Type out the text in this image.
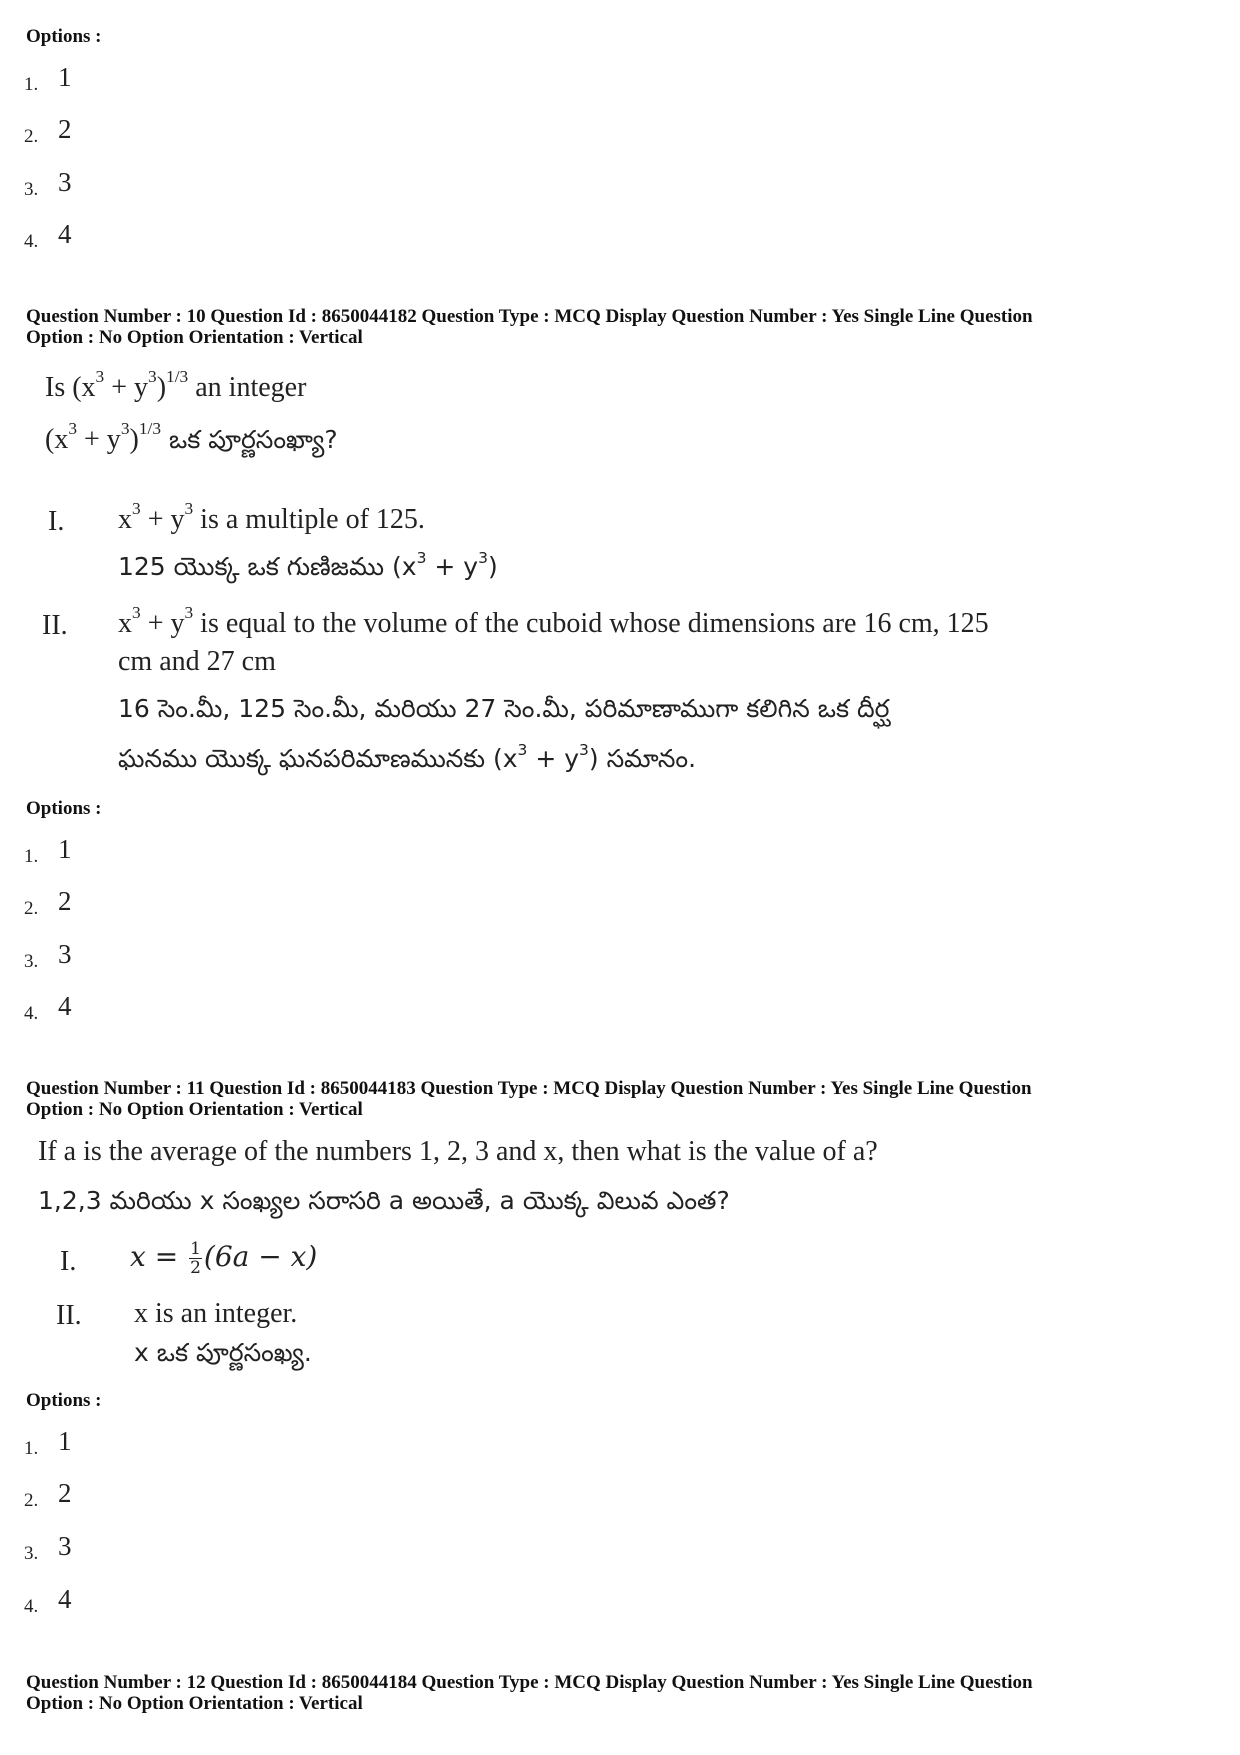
Options :
1. 1
2. 2
3. 3
4. 4
Question Number : 10 Question Id : 8650044182 Question Type : MCQ Display Question Number : Yes Single Line Question
Option : No Option Orientation : Vertical
Is $(x^3 + y^3)^{1/3}$ an integer
$(x^3 + y^3)^{1/3}$ ఒక పూర్ణసంఖ్యా?
I. $x^3 + y^3$ is a multiple of 125.
125 యొక్క ఒక గుణిజము $(x^3 + y^3)$
II. $x^3 + y^3$ is equal to the volume of the cuboid whose dimensions are 16 cm, 125
cm and 27 cm
16 సెం.మీ, 125 సెం.మీ, మరియు 27 సెం.మీ, పరిమాణాముగా కలిగిన ఒక దీర్ఘ
ఘనము యొక్క ఘనపరిమాణమునకు $(x^3 + y^3)$ సమానం.
Options :
1. 1
2. 2
3. 3
4. 4
Question Number : 11 Question Id : 8650044183 Question Type : MCQ Display Question Number : Yes Single Line Question
Option : No Option Orientation : Vertical
If a is the average of the numbers 1, 2, 3 and x, then what is the value of a?
1,2,3 మరియు x సంఖ్యల సరాసరి a అయితే, a యొక్క విలువ ఎంత?
I. $x = \frac{1}{2} (6a - x)$
II. x is an integer.
x ఒక పూర్ణసంఖ్య.
Options :
1. 1
2. 2
3. 3
4. 4
Question Number : 12 Question Id : 8650044184 Question Type : MCQ Display Question Number : Yes Single Line Question
Option : No Option Orientation : Vertical
